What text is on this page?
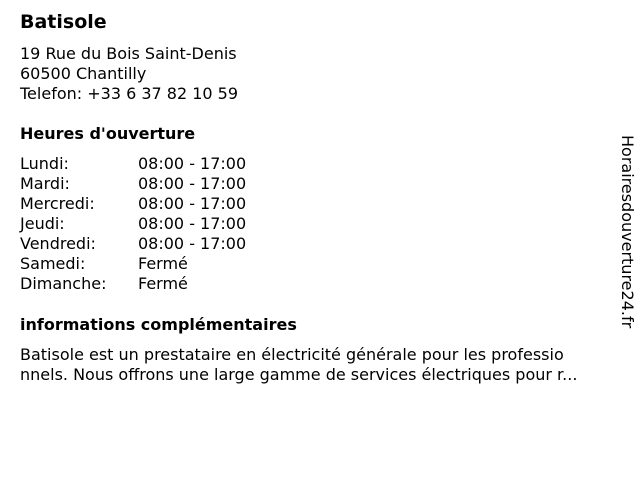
Batisole
19 Rue du Bois Saint-Denis
60500 Chantilly
Telefon: +33 6 37 82 10 59
Heures d'ouverture
Lundi:	08:00 - 17:00
Mardi:	08:00 - 17:00
Mercredi:	08:00 - 17:00
Jeudi:	08:00 - 17:00
Vendredi:	08:00 - 17:00
Samedi:	Fermé
Dimanche: Fermé
informations complémentaires
Batisole est un prestataire en électricité générale pour les professio
nnels. Nous offrons une large gamme de services électriques pour r...
Horairesdouverture24.fr
